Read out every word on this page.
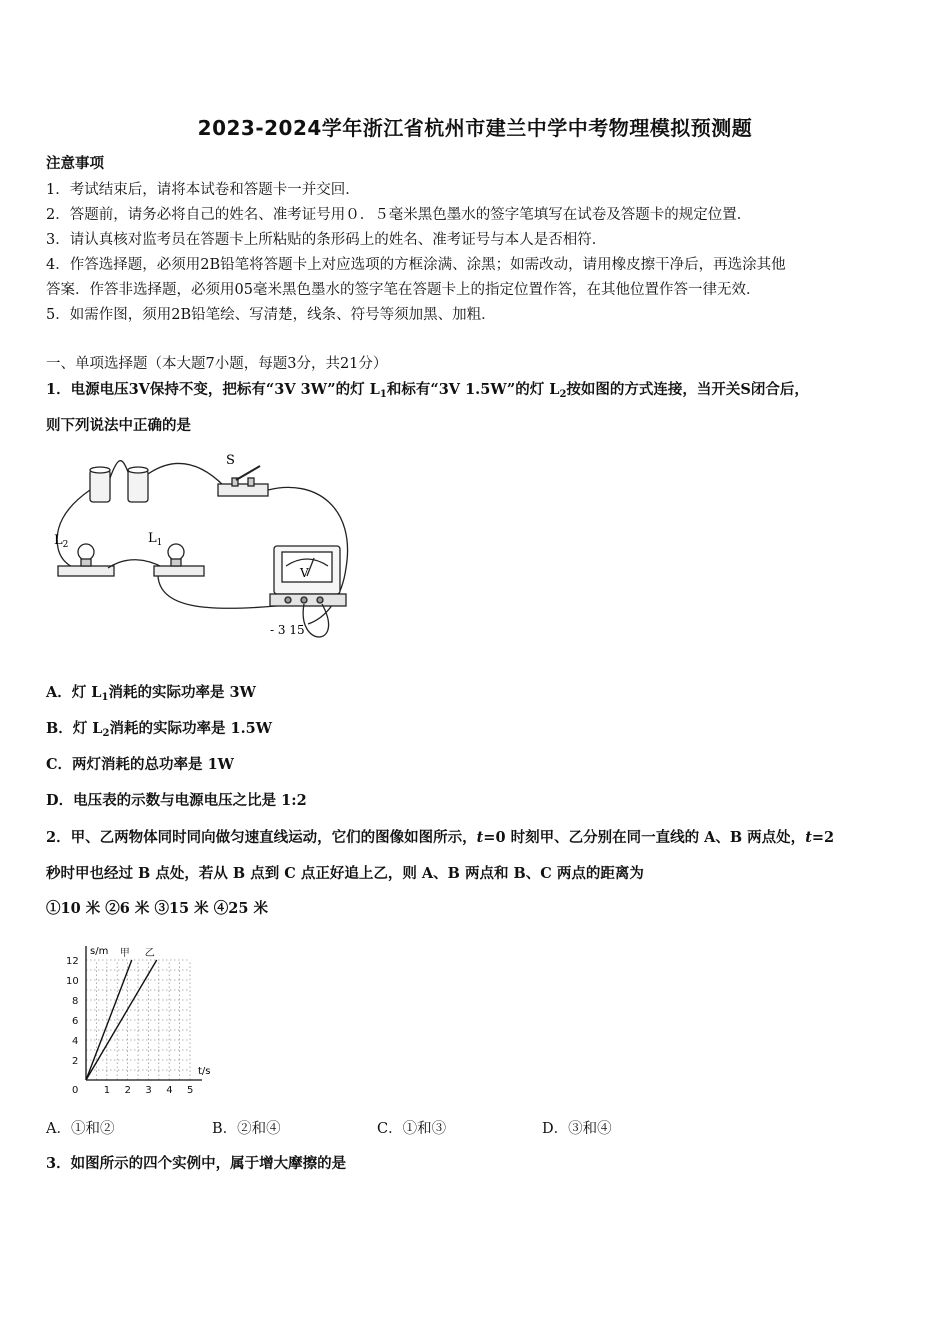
2023-2024学年浙江省杭州市建兰中学中考物理模拟预测题
注意事项
1．考试结束后，请将本试卷和答题卡一并交回．
2．答题前，请务必将自己的姓名、准考证号用０．５毫米黑色墨水的签字笔填写在试卷及答题卡的规定位置．
3．请认真核对监考员在答题卡上所粘贴的条形码上的姓名、准考证号与本人是否相符．
4．作答选择题，必须用2B铅笔将答题卡上对应选项的方框涂满、涂黑；如需改动，请用橡皮擦干净后，再选涂其他
答案．作答非选择题，必须用05毫米黑色墨水的签字笔在答题卡上的指定位置作答，在其他位置作答一律无效．
5．如需作图，须用2B铅笔绘、写清楚，线条、符号等须加黑、加粗．
一、单项选择题（本大题7小题，每题3分，共21分）
1．电源电压3V保持不变，把标有“3V 3W”的灯 $L_1$和标有“3V 1.5W”的灯 $L_2$按如图的方式连接，当开关S闭合后，
则下列说法中正确的是
S
$L_2$	$L_1$
V
- 3 15
A．灯 $L_1$消耗的实际功率是 3W
B．灯 $L_2$消耗的实际功率是 1.5W
C．两灯消耗的总功率是 1W
D．电压表的示数与电源电压之比是 1:2
2．甲、乙两物体同时同向做匀速直线运动，它们的图像如图所示，t=0 时刻甲、乙分别在同一直线的 A、B 两点处，t=2
秒时甲也经过 B 点处，若从 B 点到 C 点正好追上乙，则 A、B 两点和 B、C 两点的距离为
①10 米 ②6 米 ③15 米 ④25 米
0	1 2 3 4 5
2
4
6
8
10
12
甲 乙
s/m
t/s
A．①和②	B．②和④	C．①和③	D．③和④
3．如图所示的四个实例中，属于增大摩擦的是
